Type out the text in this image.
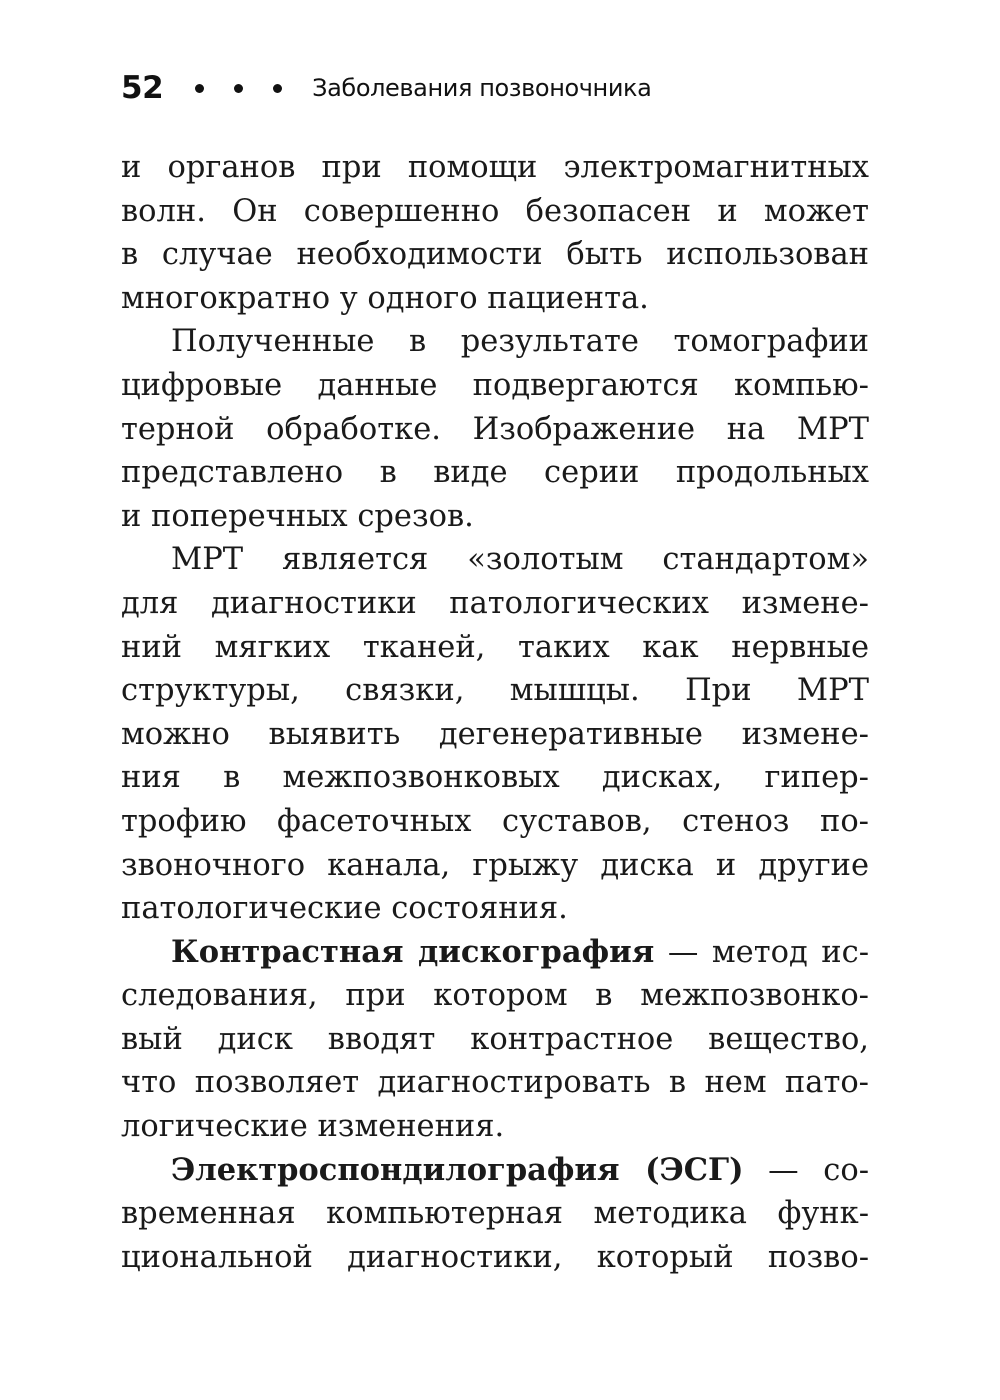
52	Заболевания позвоночника
и органов при помощи электромагнитных
волн. Он совершенно безопасен и может
в случае необходимости быть использован
многократно у одного пациента.
Полученные в результате томографии
цифровые данные подвергаются компью-
терной обработке. Изображение на МРТ
представлено в виде серии продольных
и поперечных срезов.
МРТ является «золотым стандартом»
для диагностики патологических измене-
ний мягких тканей, таких как нервные
структуры, связки, мышцы. При МРТ
можно выявить дегенеративные измене-
ния в межпозвонковых дисках, гипер-
трофию фасеточных суставов, стеноз по-
звоночного канала, грыжу диска и другие
патологические состояния.
Контрастная дискография — метод ис-
следования, при котором в межпозвонко-
вый диск вводят контрастное вещество,
что позволяет диагностировать в нем пато-
логические изменения.
Электроспондилография (ЭСГ) — со-
временная компьютерная методика функ-
циональной диагностики, который позво-
